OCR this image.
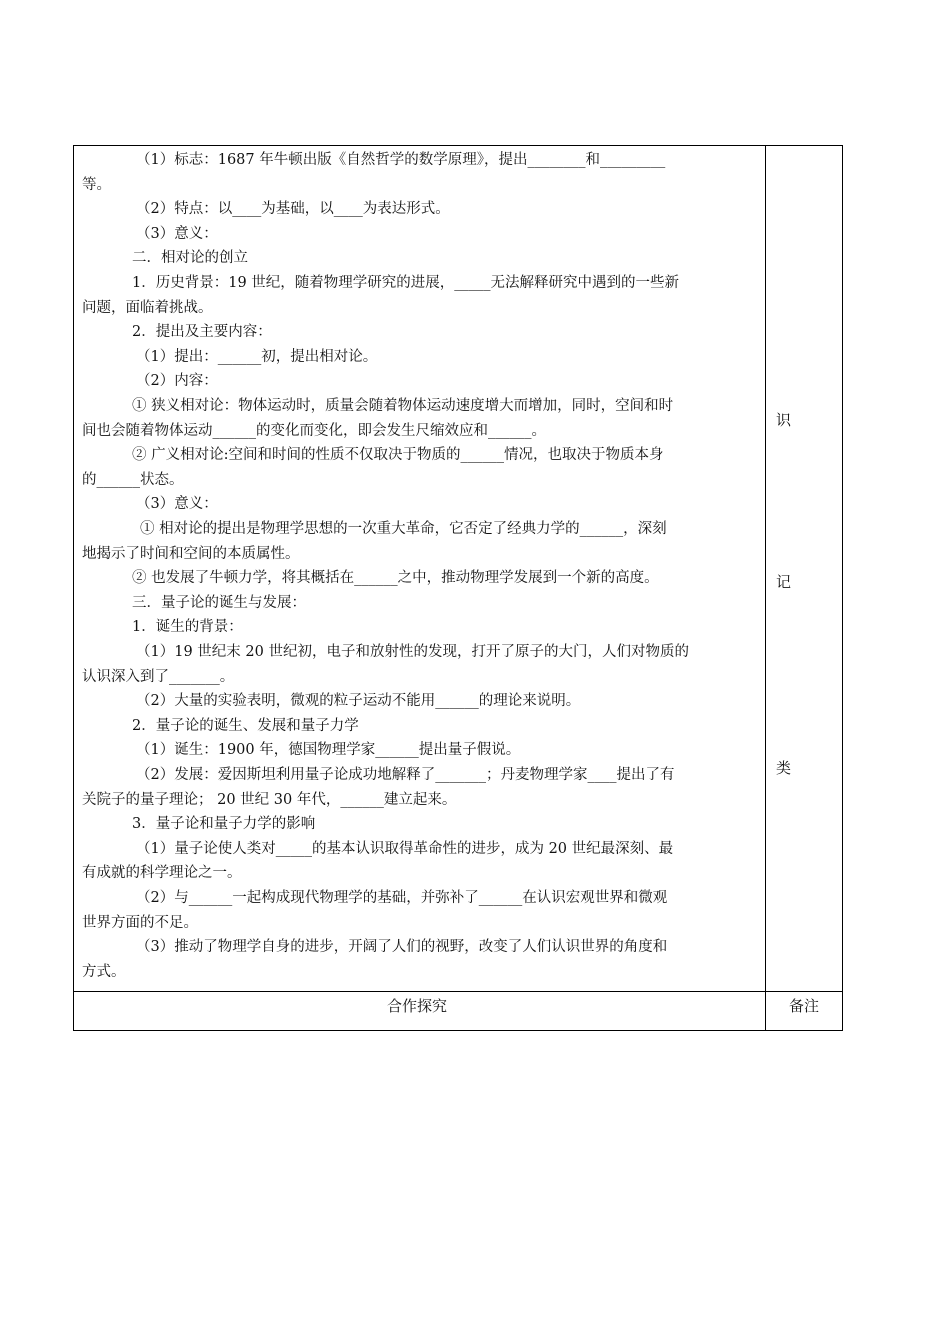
（1）标志：1687 年牛顿出版《自然哲学的数学原理》，提出________和_________
等。
（2）特点：以____为基础，以____为表达形式。
（3）意义：
二．相对论的创立
1．历史背景：19 世纪，随着物理学研究的进展，_____无法解释研究中遇到的一些新
问题，面临着挑战。
2．提出及主要内容：
（1）提出：______初，提出相对论。
（2）内容：
① 狭义相对论：物体运动时，质量会随着物体运动速度增大而增加，同时，空间和时
间也会随着物体运动______的变化而变化，即会发生尺缩效应和______。
② 广义相对论:空间和时间的性质不仅取决于物质的______情况，也取决于物质本身
的______状态。
（3）意义：
① 相对论的提出是物理学思想的一次重大革命，它否定了经典力学的______，深刻
地揭示了时间和空间的本质属性。
② 也发展了牛顿力学，将其概括在______之中，推动物理学发展到一个新的高度。
三．量子论的诞生与发展：
1．诞生的背景：
（1）19 世纪末 20 世纪初，电子和放射性的发现，打开了原子的大门，人们对物质的
认识深入到了_______。
（2）大量的实验表明，微观的粒子运动不能用______的理论来说明。
2．量子论的诞生、发展和量子力学
（1）诞生：1900 年，德国物理学家______提出量子假说。
（2）发展：爱因斯坦利用量子论成功地解释了_______；丹麦物理学家____提出了有
关院子的量子理论； 20 世纪 30 年代，______建立起来。
3．量子论和量子力学的影响
（1）量子论使人类对_____的基本认识取得革命性的进步，成为 20 世纪最深刻、最
有成就的科学理论之一。
（2）与______一起构成现代物理学的基础，并弥补了______在认识宏观世界和微观
世界方面的不足。
（3）推动了物理学自身的进步，开阔了人们的视野，改变了人们认识世界的角度和
方式。
识
记
类
合作探究	备注
